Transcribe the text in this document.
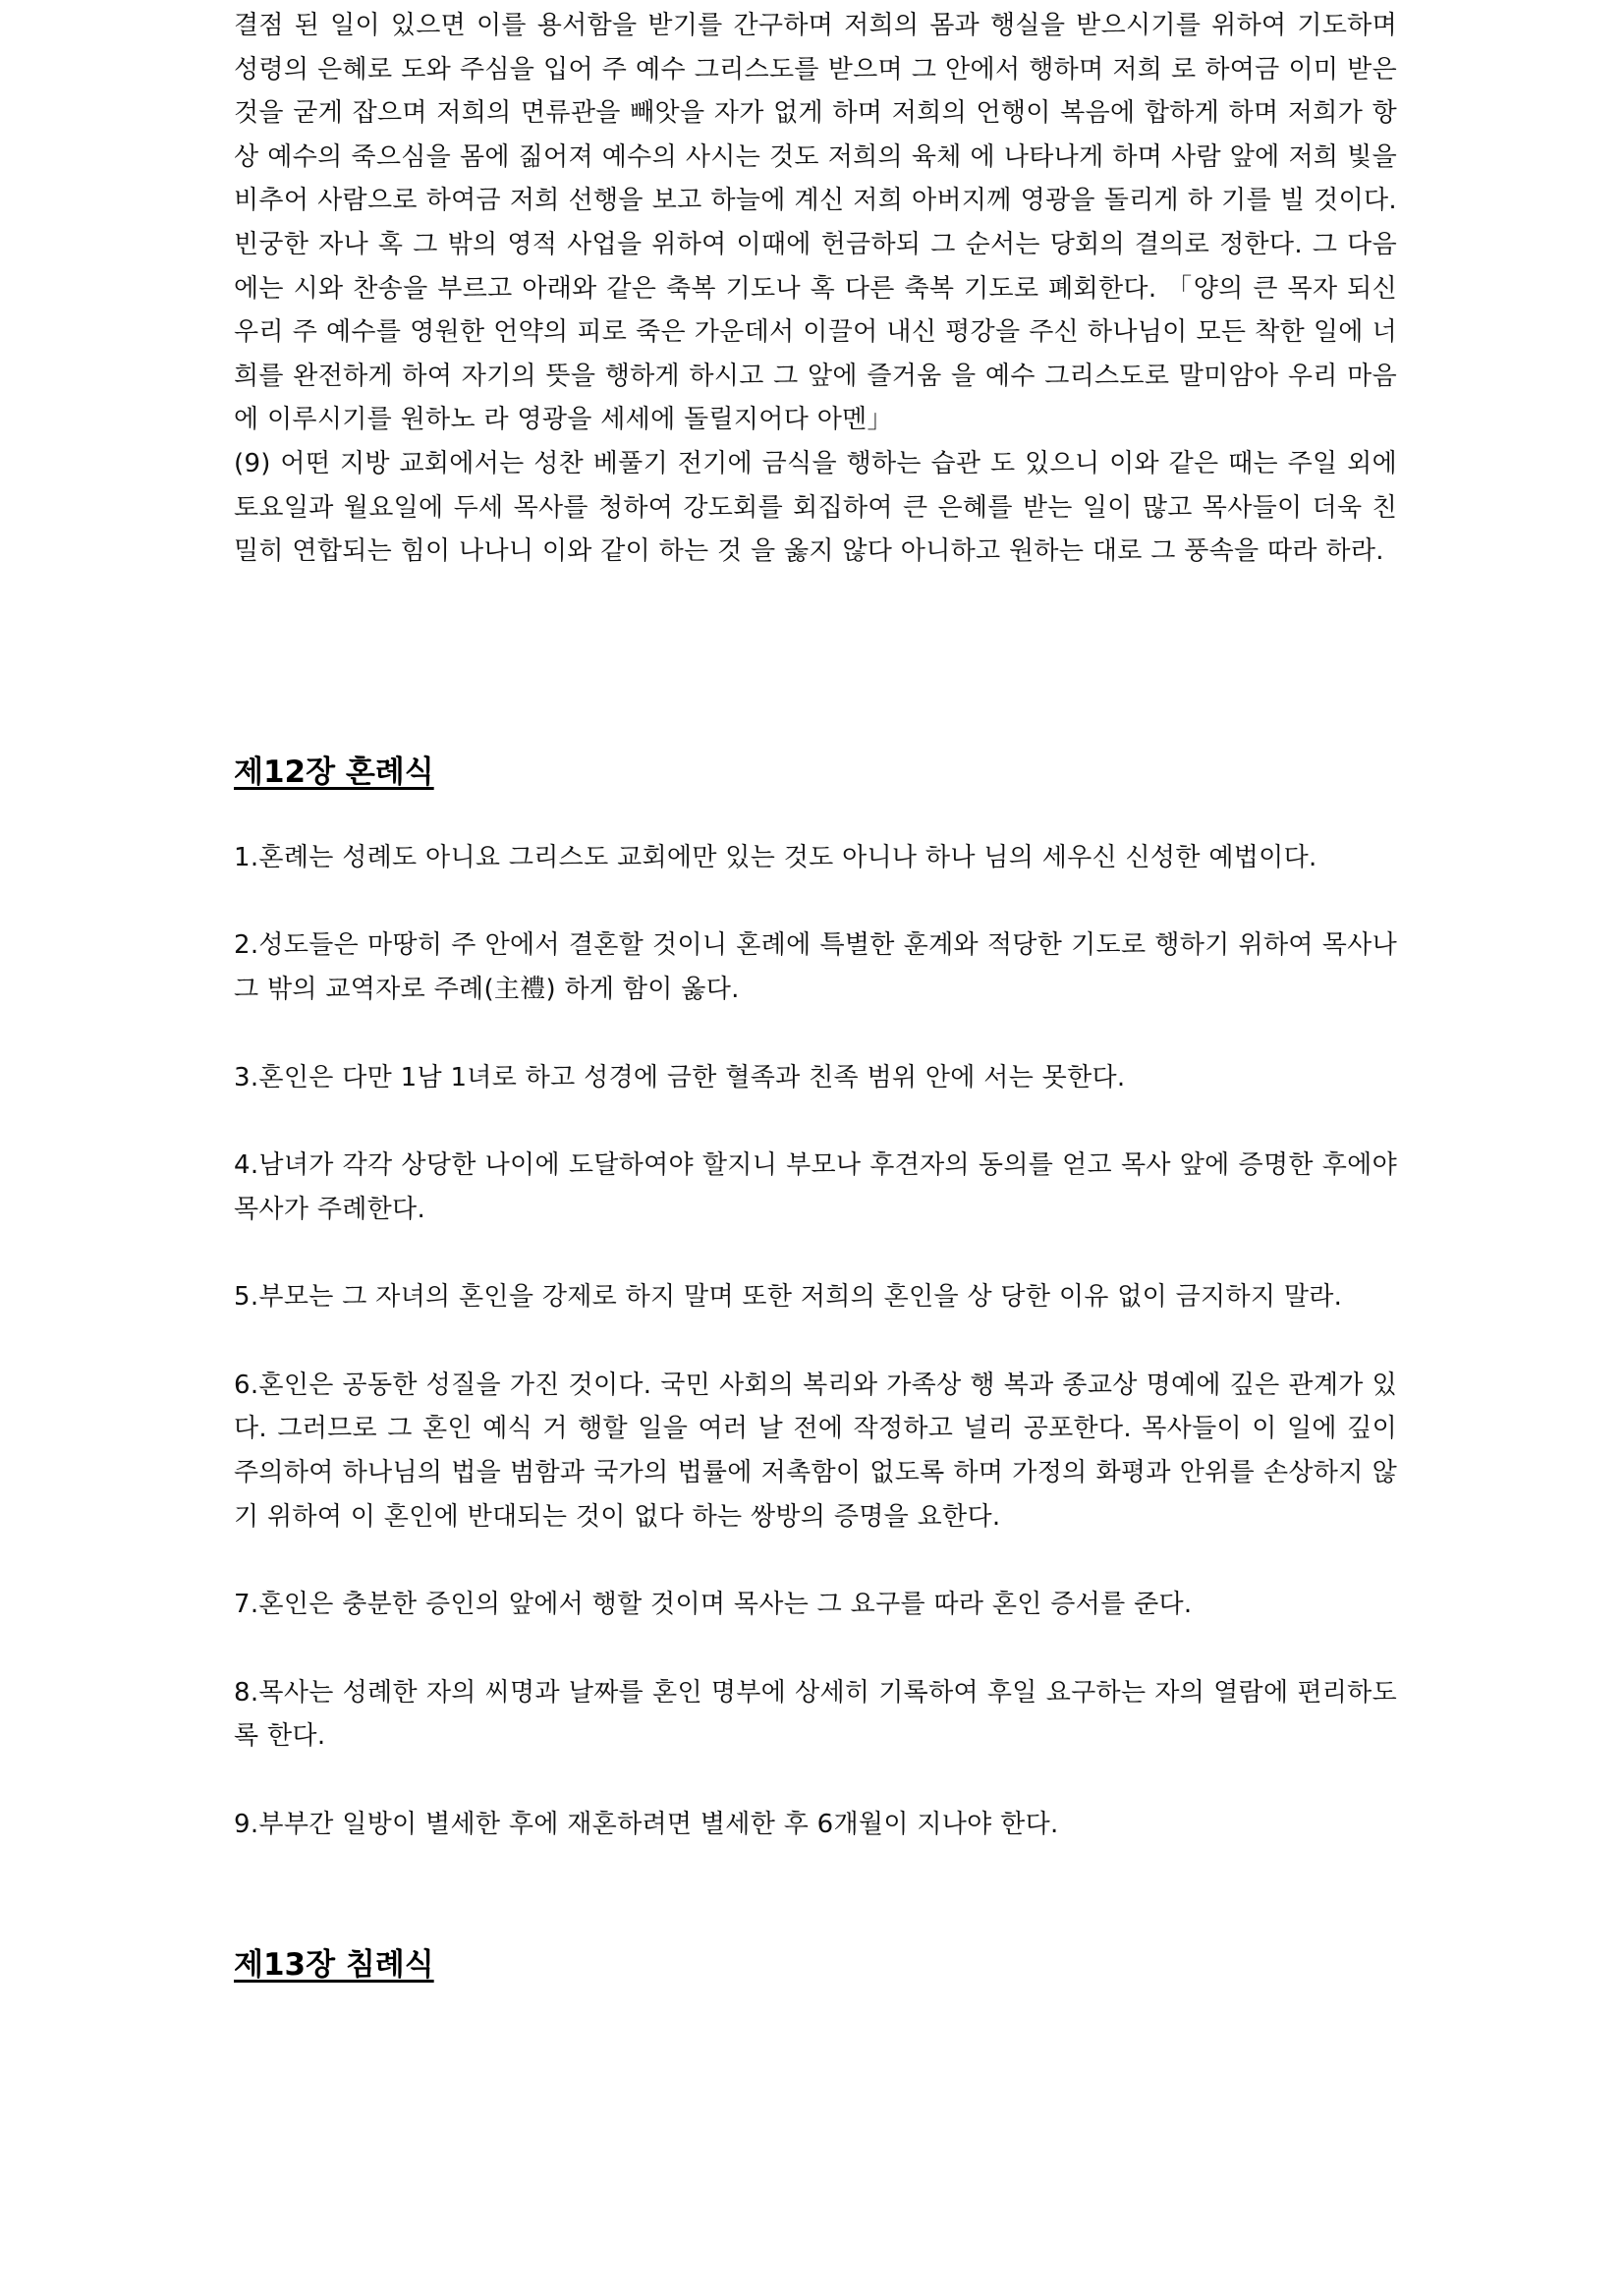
결점 된 일이 있으면 이를 용서함을 받기를 간구하며 저희의 몸과 행실을 받으시기를 위하여 기도하며 성령의 은혜로 도와 주심을 입어 주 예수 그리스도를 받으며 그 안에서 행하며 저희 로 하여금 이미 받은 것을 굳게 잡으며 저희의 면류관을 빼앗을 자가 없게 하며 저희의 언행이 복음에 합하게 하며 저희가 항상 예수의 죽으심을 몸에 짊어져 예수의 사시는 것도 저희의 육체 에 나타나게 하며 사람 앞에 저희 빛을 비추어 사람으로 하여금 저희 선행을 보고 하늘에 계신 저희 아버지께 영광을 돌리게 하 기를 빌 것이다. 빈궁한 자나 혹 그 밖의 영적 사업을 위하여 이때에 헌금하되 그 순서는 당회의 결의로 정한다. 그 다음에는 시와 찬송을 부르고 아래와 같은 축복 기도나 혹 다른 축복 기도로 폐회한다. 「양의 큰 목자 되신 우리 주 예수를 영원한 언약의 피로 죽은 가운데서 이끌어 내신 평강을 주신 하나님이 모든 착한 일에 너 희를 완전하게 하여 자기의 뜻을 행하게 하시고 그 앞에 즐거움 을 예수 그리스도로 말미암아 우리 마음에 이루시기를 원하노 라 영광을 세세에 돌릴지어다 아멘」

(9) 어떤 지방 교회에서는 성찬 베풀기 전기에 금식을 행하는 습관 도 있으니 이와 같은 때는 주일 외에 토요일과 월요일에 두세 목사를 청하여 강도회를 회집하여 큰 은혜를 받는 일이 많고 목사들이 더욱 친밀히 연합되는 힘이 나나니 이와 같이 하는 것 을 옳지 않다 아니하고 원하는 대로 그 풍속을 따라 하라.

제12장 혼례식

1.혼례는 성례도 아니요 그리스도 교회에만 있는 것도 아니나 하나 님의 세우신 신성한 예법이다.

2.성도들은 마땅히 주 안에서 결혼할 것이니 혼례에 특별한 훈계와 적당한 기도로 행하기 위하여 목사나 그 밖의 교역자로 주례(主禮) 하게 함이 옳다.

3.혼인은 다만 1남 1녀로 하고 성경에 금한 혈족과 친족 범위 안에 서는 못한다.

4.남녀가 각각 상당한 나이에 도달하여야 할지니 부모나 후견자의 동의를 얻고 목사 앞에 증명한 후에야 목사가 주례한다.

5.부모는 그 자녀의 혼인을 강제로 하지 말며 또한 저희의 혼인을 상 당한 이유 없이 금지하지 말라.

6.혼인은 공동한 성질을 가진 것이다. 국민 사회의 복리와 가족상 행 복과 종교상 명예에 깊은 관계가 있다. 그러므로 그 혼인 예식 거 행할 일을 여러 날 전에 작정하고 널리 공포한다. 목사들이 이 일에 깊이 주의하여 하나님의 법을 범함과 국가의 법률에 저촉함이 없도록 하며 가정의 화평과 안위를 손상하지 않기 위하여 이 혼인에 반대되는 것이 없다 하는 쌍방의 증명을 요한다.

7.혼인은 충분한 증인의 앞에서 행할 것이며 목사는 그 요구를 따라 혼인 증서를 준다.

8.목사는 성례한 자의 씨명과 날짜를 혼인 명부에 상세히 기록하여 후일 요구하는 자의 열람에 편리하도록 한다.

9.부부간 일방이 별세한 후에 재혼하려면 별세한 후 6개월이 지나야 한다.

제13장 침례식
